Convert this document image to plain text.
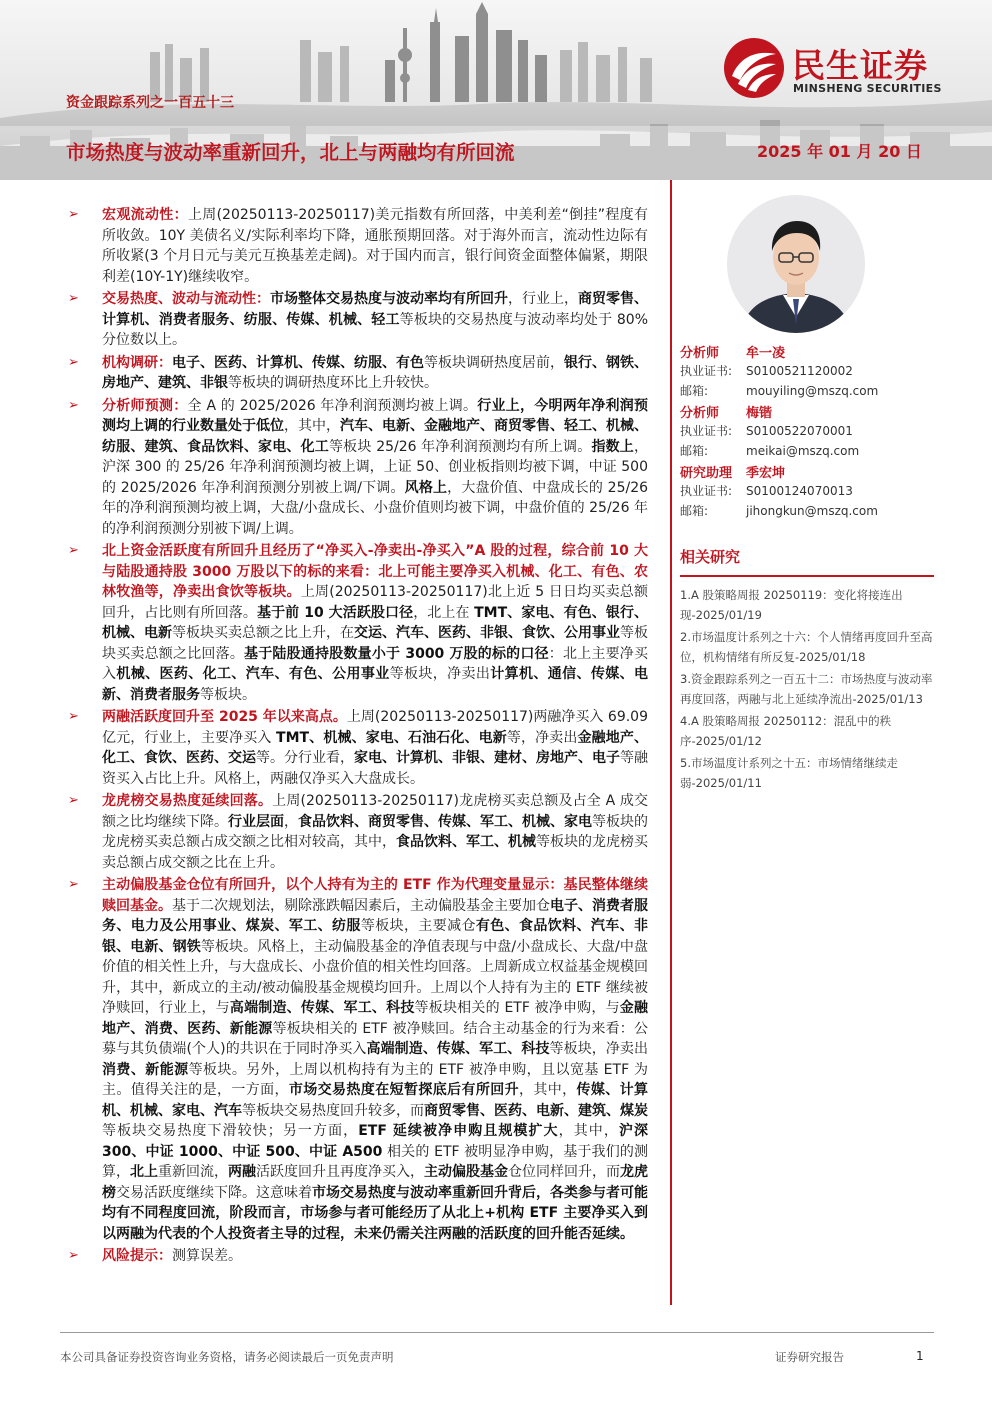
民生证券
MINSHENG SECURITIES
资金跟踪系列之一百五十三
市场热度与波动率重新回升，北上与两融均有所回流	2025 年 01 月 20 日

➢ 宏观流动性：上周(20250113-20250117)美元指数有所回落，中美利差“倒挂”程度有所收敛。10Y 美债名义/实际利率均下降，通胀预期回落。对于海外而言，流动性边际有所收紧(3 个月日元与美元互换基差走阔)。对于国内而言，银行间资金面整体偏紧，期限利差(10Y-1Y)继续收窄。

➢ 交易热度、波动与流动性：市场整体交易热度与波动率均有所回升，行业上，商贸零售、计算机、消费者服务、纺服、传媒、机械、轻工等板块的交易热度与波动率均处于 80%分位数以上。

➢ 机构调研：电子、医药、计算机、传媒、纺服、有色等板块调研热度居前，银行、钢铁、房地产、建筑、非银等板块的调研热度环比上升较快。

➢ 分析师预测：全 A 的 2025/2026 年净利润预测均被上调。行业上，今明两年净利润预测均上调的行业数量处于低位，其中，汽车、电新、金融地产、商贸零售、轻工、机械、纺服、建筑、食品饮料、家电、化工等板块 25/26 年净利润预测均有所上调。指数上，沪深 300 的 25/26 年净利润预测均被上调，上证 50、创业板指则均被下调，中证 500 的 2025/2026 年净利润预测分别被上调/下调。风格上，大盘价值、中盘成长的 25/26 年的净利润预测均被上调，大盘/小盘成长、小盘价值则均被下调，中盘价值的 25/26 年的净利润预测分别被下调/上调。

➢ 北上资金活跃度有所回升且经历了“净买入-净卖出-净买入”A 股的过程，综合前 10 大与陆股通持股 3000 万股以下的标的来看：北上可能主要净买入机械、化工、有色、农林牧渔等，净卖出食饮等板块。上周(20250113-20250117)北上近 5 日日均买卖总额回升，占比则有所回落。基于前 10 大活跃股口径，北上在 TMT、家电、有色、银行、机械、电新等板块买卖总额之比上升，在交运、汽车、医药、非银、食饮、公用事业等板块买卖总额之比回落。基于陆股通持股数量小于 3000 万股的标的口径：北上主要净买入机械、医药、化工、汽车、有色、公用事业等板块，净卖出计算机、通信、传媒、电新、消费者服务等板块。

➢ 两融活跃度回升至 2025 年以来高点。上周(20250113-20250117)两融净买入 69.09 亿元，行业上，主要净买入 TMT、机械、家电、石油石化、电新等，净卖出金融地产、化工、食饮、医药、交运等。分行业看，家电、计算机、非银、建材、房地产、电子等融资买入占比上升。风格上，两融仅净买入大盘成长。

➢ 龙虎榜交易热度延续回落。上周(20250113-20250117)龙虎榜买卖总额及占全 A 成交额之比均继续下降。行业层面，食品饮料、商贸零售、传媒、军工、机械、家电等板块的龙虎榜买卖总额占成交额之比相对较高，其中，食品饮料、军工、机械等板块的龙虎榜买卖总额占成交额之比在上升。

➢ 主动偏股基金仓位有所回升，以个人持有为主的 ETF 作为代理变量显示：基民整体继续赎回基金。基于二次规划法，剔除涨跌幅因素后，主动偏股基金主要加仓电子、消费者服务、电力及公用事业、煤炭、军工、纺服等板块，主要减仓有色、食品饮料、汽车、非银、电新、钢铁等板块。风格上，主动偏股基金的净值表现与中盘/小盘成长、大盘/中盘价值的相关性上升，与大盘成长、小盘价值的相关性均回落。上周新成立权益基金规模回升，其中，新成立的主动/被动偏股基金规模均回升。上周以个人持有为主的 ETF 继续被净赎回，行业上，与高端制造、传媒、军工、科技等板块相关的 ETF 被净申购，与金融地产、消费、医药、新能源等板块相关的 ETF 被净赎回。结合主动基金的行为来看：公募与其负债端(个人)的共识在于同时净买入高端制造、传媒、军工、科技等板块，净卖出消费、新能源等板块。另外，上周以机构持有为主的 ETF 被净申购，且以宽基 ETF 为主。值得关注的是，一方面，市场交易热度在短暂探底后有所回升，其中，传媒、计算机、机械、家电、汽车等板块交易热度回升较多，而商贸零售、医药、电新、建筑、煤炭等板块交易热度下滑较快；另一方面，ETF 延续被净申购且规模扩大，其中，沪深 300、中证 1000、中证 500、中证 A500 相关的 ETF 被明显净申购，基于我们的测算，北上重新回流，两融活跃度回升且再度净买入，主动偏股基金仓位同样回升，而龙虎榜交易活跃度继续下降。这意味着市场交易热度与波动率重新回升背后，各类参与者可能均有不同程度回流，阶段而言，市场参与者可能经历了从北上+机构 ETF 主要净买入到以两融为代表的个人投资者主导的过程，未来仍需关注两融的活跃度的回升能否延续。

➢ 风险提示：测算误差。

分析师	牟一凌
执业证书:	S0100521120002
邮箱:	mouyiling@mszq.com
分析师	梅锴
执业证书:	S0100522070001
邮箱:	meikai@mszq.com
研究助理	季宏坤
执业证书:	S0100124070013
邮箱:	jihongkun@mszq.com
相关研究
1.A 股策略周报 20250119：变化将接连出现-2025/01/19
2.市场温度计系列之十六：个人情绪再度回升至高位，机构情绪有所反复-2025/01/18
3.资金跟踪系列之一百五十二：市场热度与波动率再度回落，两融与北上延续净流出-2025/01/13
4.A 股策略周报 20250112：混乱中的秩序-2025/01/12
5.市场温度计系列之十五：市场情绪继续走弱-2025/01/11
本公司具备证券投资咨询业务资格，请务必阅读最后一页免责声明	证券研究报告	1
